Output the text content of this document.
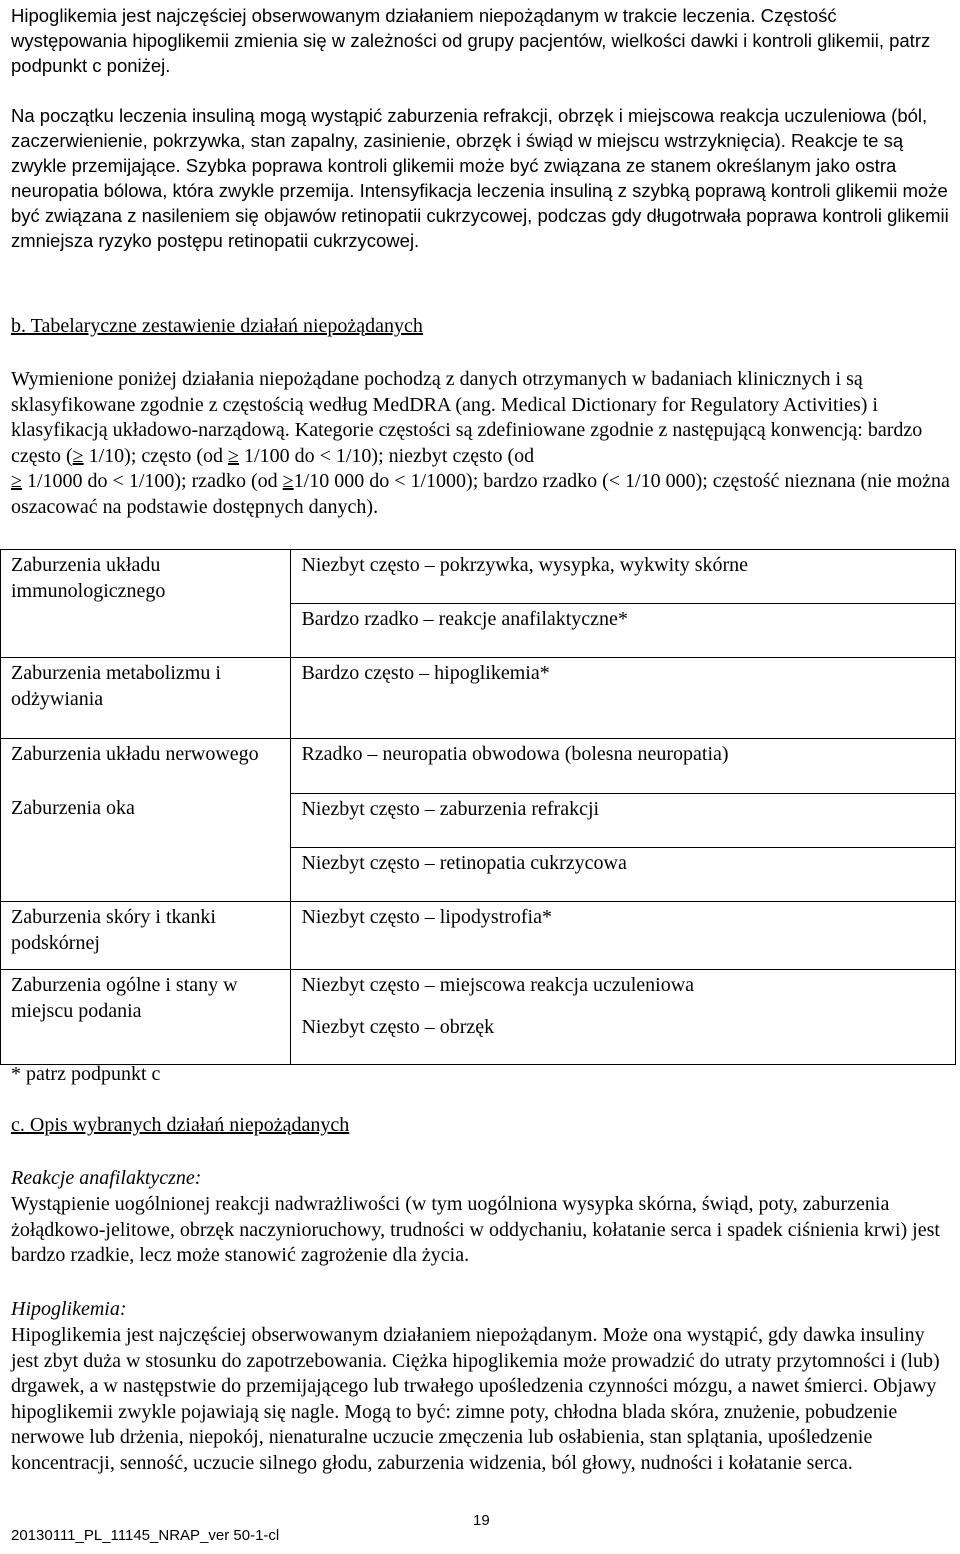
Hipoglikemia jest najczęściej obserwowanym działaniem niepożądanym w trakcie leczenia. Częstość występowania hipoglikemii zmienia się w zależności od grupy pacjentów, wielkości dawki i kontroli glikemii, patrz podpunkt c poniżej.

Na początku leczenia insuliną mogą wystąpić zaburzenia refrakcji, obrzęk i miejscowa reakcja uczuleniowa (ból, zaczerwienienie, pokrzywka, stan zapalny, zasinienie, obrzęk i świąd w miejscu wstrzyknięcia). Reakcje te są zwykle przemijające. Szybka poprawa kontroli glikemii może być związana ze stanem określanym jako ostra neuropatia bólowa, która zwykle przemija. Intensyfikacja leczenia insuliną z szybką poprawą kontroli glikemii może być związana z nasileniem się objawów retinopatii cukrzycowej, podczas gdy długotrwała poprawa kontroli glikemii zmniejsza ryzyko postępu retinopatii cukrzycowej.

b. Tabelaryczne zestawienie działań niepożądanych

Wymienione poniżej działania niepożądane pochodzą z danych otrzymanych w badaniach klinicznych i są sklasyfikowane zgodnie z częstością według MedDRA (ang. Medical Dictionary for Regulatory Activities) i klasyfikacją układowo-narządową. Kategorie częstości są zdefiniowane zgodnie z następującą konwencją: bardzo często (≥ 1/10); często (od ≥ 1/100 do < 1/10); niezbyt często (od
≥ 1/1000 do < 1/100); rzadko (od ≥1/10 000 do < 1/1000); bardzo rzadko (< 1/10 000); częstość nieznana (nie można oszacować na podstawie dostępnych danych).

Zaburzenia układu immunologicznego	Niezbyt często – pokrzywka, wysypka, wykwity skórne
	Bardzo rzadko – reakcje anafilaktyczne*
Zaburzenia metabolizmu i odżywiania	Bardzo często – hipoglikemia*
Zaburzenia układu nerwowego	Rzadko – neuropatia obwodowa (bolesna neuropatia)
Zaburzenia oka	Niezbyt często – zaburzenia refrakcji
	Niezbyt często – retinopatia cukrzycowa
Zaburzenia skóry i tkanki podskórnej	Niezbyt często – lipodystrofia*
Zaburzenia ogólne i stany w miejscu podania	Niezbyt często – miejscowa reakcja uczuleniowa
	Niezbyt często – obrzęk

* patrz podpunkt c

c. Opis wybranych działań niepożądanych

Reakcje anafilaktyczne:

Wystąpienie uogólnionej reakcji nadwrażliwości (w tym uogólniona wysypka skórna, świąd, poty, zaburzenia żołądkowo-jelitowe, obrzęk naczynioruchowy, trudności w oddychaniu, kołatanie serca i spadek ciśnienia krwi) jest bardzo rzadkie, lecz może stanowić zagrożenie dla życia.

Hipoglikemia:

Hipoglikemia jest najczęściej obserwowanym działaniem niepożądanym. Może ona wystąpić, gdy dawka insuliny jest zbyt duża w stosunku do zapotrzebowania. Ciężka hipoglikemia może prowadzić do utraty przytomności i (lub) drgawek, a w następstwie do przemijającego lub trwałego upośledzenia czynności mózgu, a nawet śmierci. Objawy hipoglikemii zwykle pojawiają się nagle. Mogą to być: zimne poty, chłodna blada skóra, znużenie, pobudzenie nerwowe lub drżenia, niepokój, nienaturalne uczucie zmęczenia lub osłabienia, stan splątania, upośledzenie koncentracji, senność, uczucie silnego głodu, zaburzenia widzenia, ból głowy, nudności i kołatanie serca.

19
20130111_PL_11145_NRAP_ver 50-1-cl
